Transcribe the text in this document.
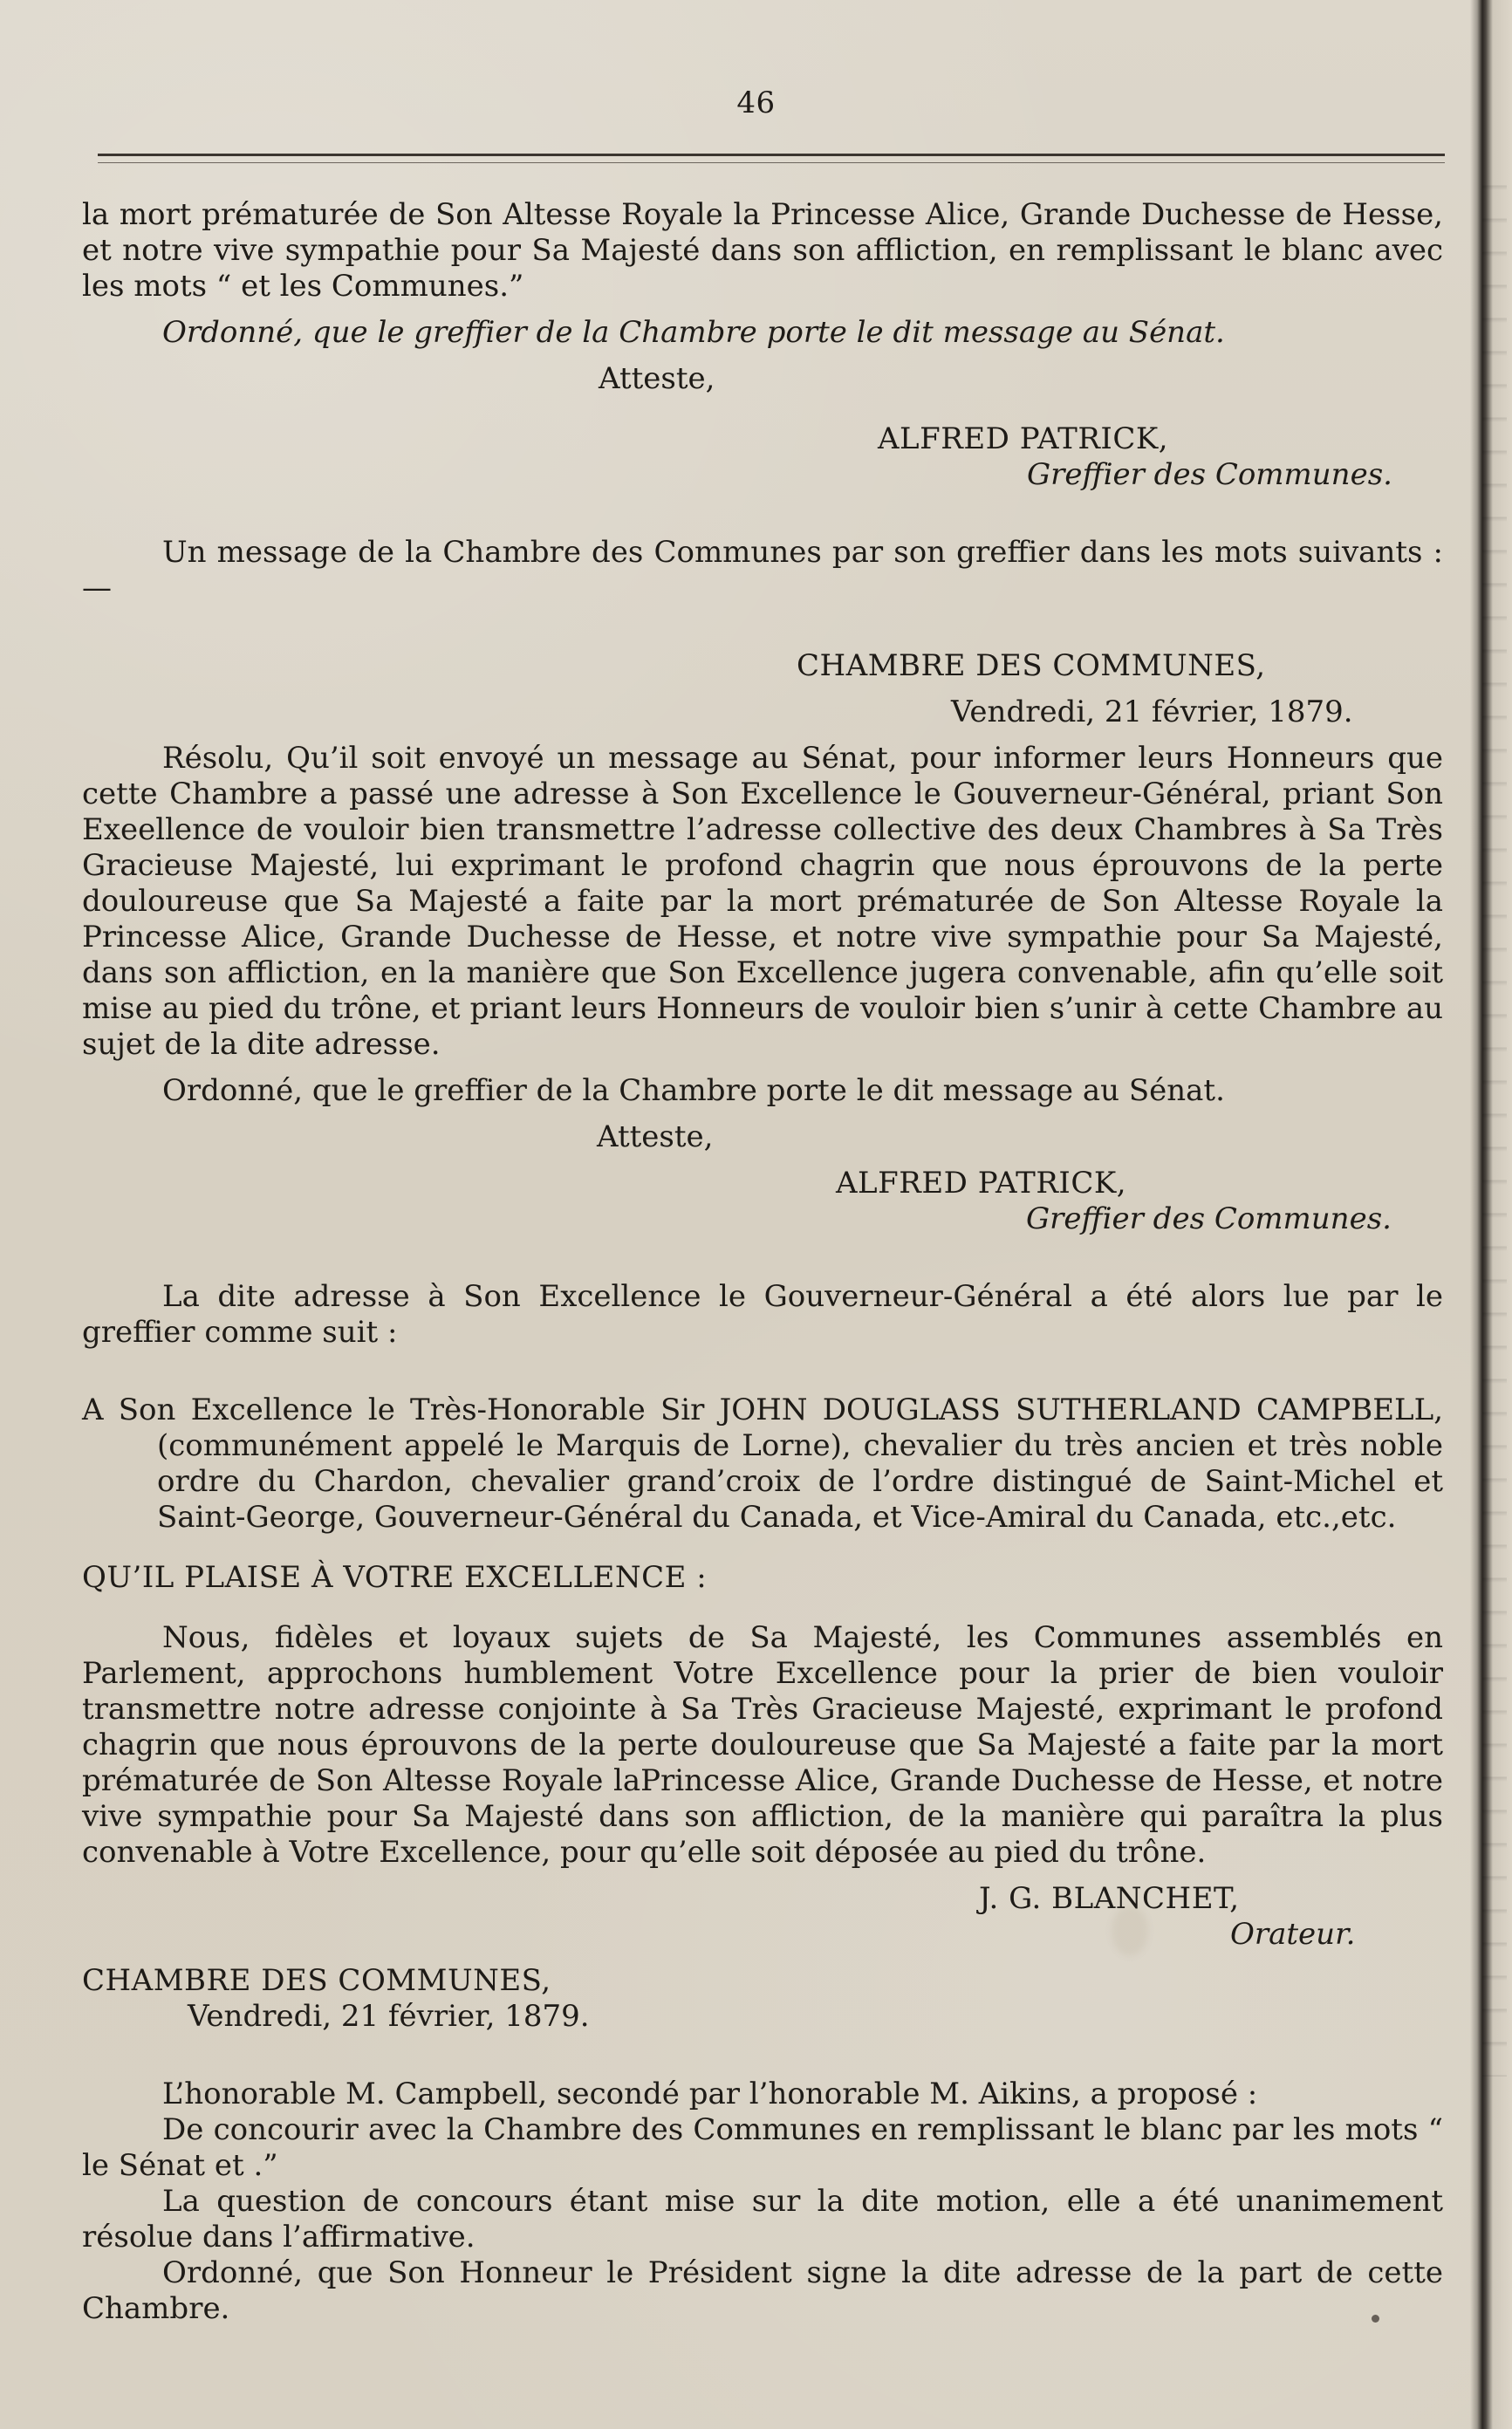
46

la mort prématurée de Son Altesse Royale la Princesse Alice, Grande Duchesse de Hesse, et notre vive sympathie pour Sa Majesté dans son affliction, en remplissant le blanc avec les mots “ et les Communes.”

Ordonné, que le greffier de la Chambre porte le dit message au Sénat.

Atteste,

ALFRED PATRICK,

Greffier des Communes.

Un message de la Chambre des Communes par son greffier dans les mots suivants :—

CHAMBRE DES COMMUNES,

Vendredi, 21 février, 1879.

Résolu, Qu’il soit envoyé un message au Sénat, pour informer leurs Honneurs que cette Chambre a passé une adresse à Son Excellence le Gouverneur-Général, priant Son Exeellence de vouloir bien transmettre l’adresse collective des deux Chambres à Sa Très Gracieuse Majesté, lui exprimant le profond chagrin que nous éprouvons de la perte douloureuse que Sa Majesté a faite par la mort prématurée de Son Altesse Royale la Princesse Alice, Grande Duchesse de Hesse, et notre vive sympathie pour Sa Majesté, dans son affliction, en la manière que Son Excellence jugera convenable, afin qu’elle soit mise au pied du trône, et priant leurs Honneurs de vouloir bien s’unir à cette Chambre au sujet de la dite adresse.

Ordonné, que le greffier de la Chambre porte le dit message au Sénat.

Atteste,

ALFRED PATRICK,

Greffier des Communes.

La dite adresse à Son Excellence le Gouverneur-Général a été alors lue par le greffier comme suit :

A Son Excellence le Très-Honorable Sir JOHN DOUGLASS SUTHERLAND CAMPBELL, (communément appelé le Marquis de Lorne), chevalier du très ancien et très noble ordre du Chardon, chevalier grand’croix de l’ordre distingué de Saint-Michel et Saint-George, Gouverneur-Général du Canada, et Vice-Amiral du Canada, etc.,etc.

QU’IL PLAISE À VOTRE EXCELLENCE :

Nous, fidèles et loyaux sujets de Sa Majesté, les Communes assemblés en Parlement, approchons humblement Votre Excellence pour la prier de bien vouloir transmettre notre adresse conjointe à Sa Très Gracieuse Majesté, exprimant le profond chagrin que nous éprouvons de la perte douloureuse que Sa Majesté a faite par la mort prématurée de Son Altesse Royale laPrincesse Alice, Grande Duchesse de Hesse, et notre vive sympathie pour Sa Majesté dans son affliction, de la manière qui paraîtra la plus convenable à Votre Excellence, pour qu’elle soit déposée au pied du trône.

J. G. BLANCHET,

Orateur.

CHAMBRE DES COMMUNES,

Vendredi, 21 février, 1879.

L’honorable M. Campbell, secondé par l’honorable M. Aikins, a proposé :

De concourir avec la Chambre des Communes en remplissant le blanc par les mots “ le Sénat et .”

La question de concours étant mise sur la dite motion, elle a été unanimement résolue dans l’affirmative.

Ordonné, que Son Honneur le Président signe la dite adresse de la part de cette Chambre.
